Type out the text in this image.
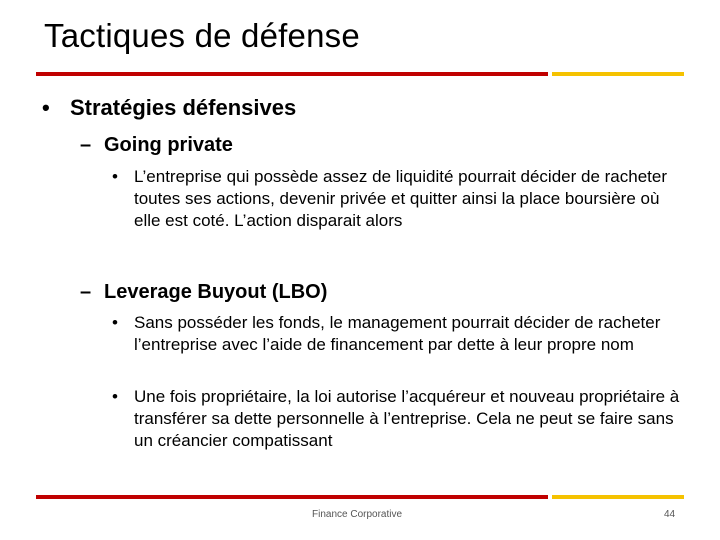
Tactiques de défense
• Stratégies défensives
– Going private
• L’entreprise qui possède assez de liquidité pourrait décider de racheter toutes ses actions, devenir privée et quitter ainsi la place boursière où elle est coté. L’action disparait alors
– Leverage Buyout (LBO)
• Sans posséder les fonds, le management pourrait décider de racheter l’entreprise avec l’aide de financement par dette à leur propre nom
• Une fois propriétaire, la loi autorise l’acquéreur et nouveau propriétaire à transférer sa dette personnelle à l’entreprise. Cela ne peut se faire sans un créancier compatissant
Finance Corporative	44
